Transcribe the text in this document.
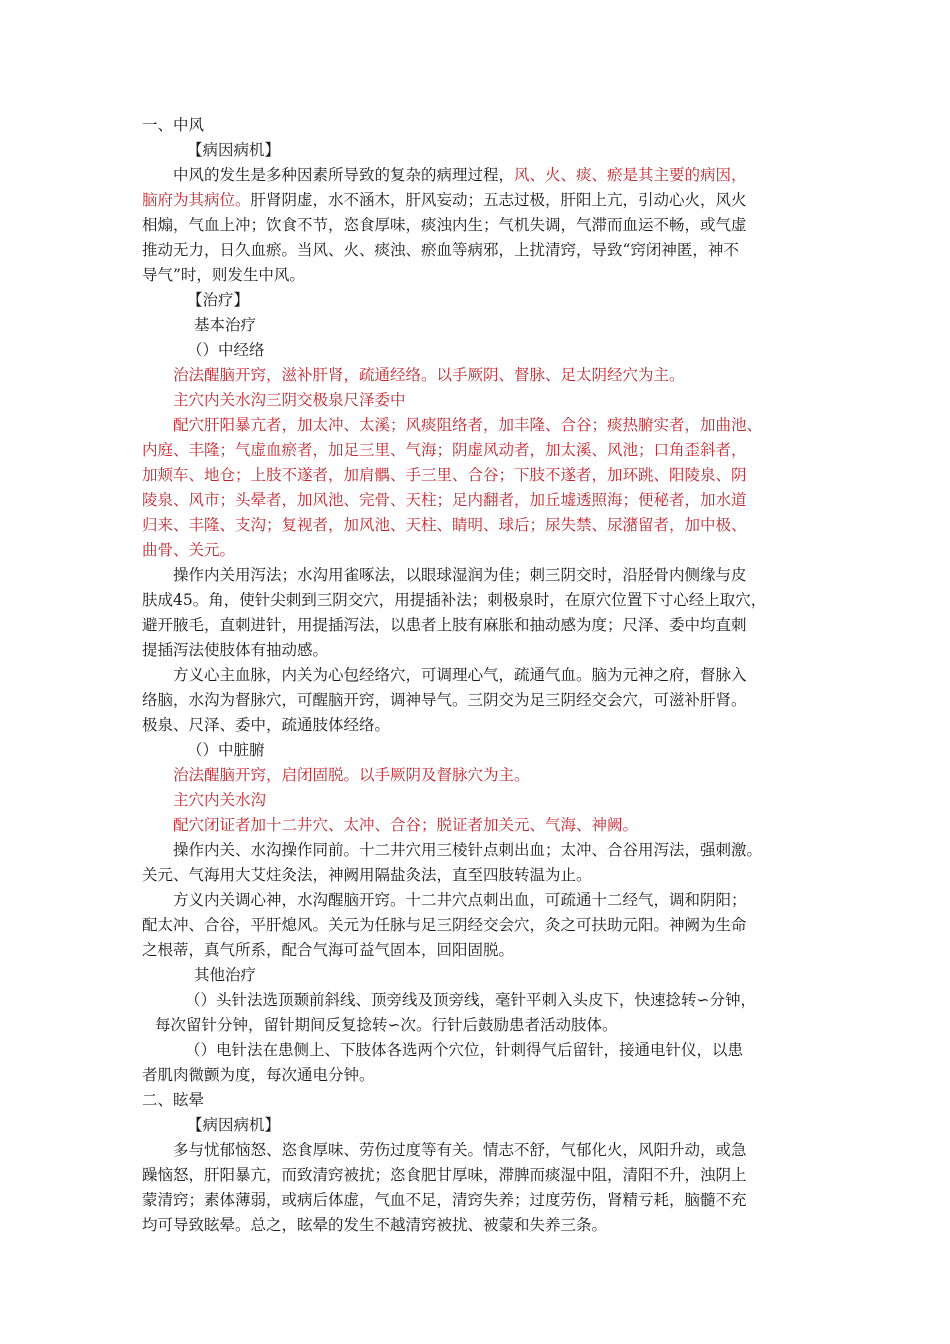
一、中风
【病因病机】
中风的发生是多种因素所导致的复杂的病理过程，风、火、痰、瘀是其主要的病因，
脑府为其病位。肝肾阴虚，水不涵木，肝风妄动；五志过极，肝阳上亢，引动心火，风火
相煽，气血上冲；饮食不节，恣食厚味，痰浊内生；气机失调，气滞而血运不畅，或气虚
推动无力，日久血瘀。当风、火、痰浊、瘀血等病邪，上扰清窍，导致“窍闭神匿，神不
导气”时，则发生中风。
【治疗】
基本治疗
（）中经络
治法醒脑开窍，滋补肝肾，疏通经络。以手厥阴、督脉、足太阴经穴为主。
主穴内关水沟三阴交极泉尺泽委中
配穴肝阳暴亢者，加太冲、太溪；风痰阻络者，加丰隆、合谷；痰热腑实者，加曲池、
内庭、丰隆；气虚血瘀者，加足三里、气海；阴虚风动者，加太溪、风池；口角歪斜者，
加颊车、地仓；上肢不遂者，加肩髃、手三里、合谷；下肢不遂者，加环跳、阳陵泉、阴
陵泉、风市；头晕者，加风池、完骨、天柱；足内翻者，加丘墟透照海；便秘者，加水道
归来、丰隆、支沟；复视者，加风池、天柱、睛明、球后；尿失禁、尿潴留者，加中极、
曲骨、关元。
操作内关用泻法；水沟用雀啄法，以眼球湿润为佳；刺三阴交时，沿胫骨内侧缘与皮
肤成45。角，使针尖刺到三阴交穴，用提插补法；刺极泉时，在原穴位置下寸心经上取穴，
避开腋毛，直刺进针，用提插泻法，以患者上肢有麻胀和抽动感为度；尺泽、委中均直刺
提插泻法使肢体有抽动感。
方义心主血脉，内关为心包经络穴，可调理心气，疏通气血。脑为元神之府，督脉入
络脑，水沟为督脉穴，可醒脑开窍，调神导气。三阴交为足三阴经交会穴，可滋补肝肾。
极泉、尺泽、委中，疏通肢体经络。
（）中脏腑
治法醒脑开窍，启闭固脱。以手厥阴及督脉穴为主。
主穴内关水沟
配穴闭证者加十二井穴、太冲、合谷；脱证者加关元、气海、神阙。
操作内关、水沟操作同前。十二井穴用三棱针点刺出血；太冲、合谷用泻法，强刺激。
关元、气海用大艾炷灸法，神阙用隔盐灸法，直至四肢转温为止。
方义内关调心神，水沟醒脑开窍。十二井穴点刺出血，可疏通十二经气，调和阴阳；
配太冲、合谷，平肝熄风。关元为任脉与足三阴经交会穴，灸之可扶助元阳。神阙为生命
之根蒂，真气所系，配合气海可益气固本，回阳固脱。
其他治疗
（）头针法选顶颞前斜线、顶旁线及顶旁线，毫针平刺入头皮下，快速捻转∽分钟，
每次留针分钟，留针期间反复捻转∽次。行针后鼓励患者活动肢体。
（）电针法在患侧上、下肢体各选两个穴位，针刺得气后留针，接通电针仪，以患
者肌肉微颤为度，每次通电分钟。
二、眩晕
【病因病机】
多与忧郁恼怒、恣食厚味、劳伤过度等有关。情志不舒，气郁化火，风阳升动，或急
躁恼怒，肝阳暴亢，而致清窍被扰；恣食肥甘厚味，滞脾而痰湿中阻，清阳不升，浊阴上
蒙清窍；素体薄弱，或病后体虚，气血不足，清窍失养；过度劳伤，肾精亏耗，脑髓不充
均可导致眩晕。总之，眩晕的发生不越清窍被扰、被蒙和失养三条。
